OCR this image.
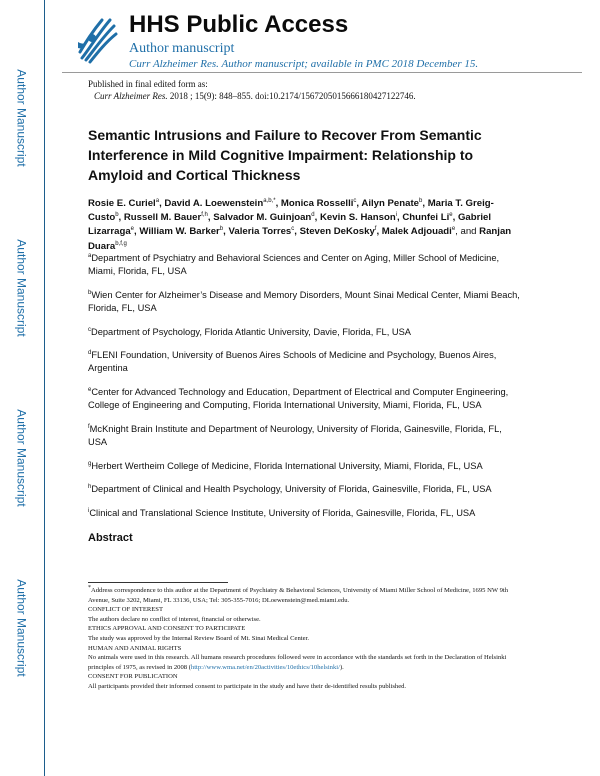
Author Manuscript
Author Manuscript
Author Manuscript
Author Manuscript
HHS Public Access
Author manuscript
Curr Alzheimer Res. Author manuscript; available in PMC 2018 December 15.
Published in final edited form as:
Curr Alzheimer Res. 2018 ; 15(9): 848–855. doi:10.2174/1567205015666180427122746.
Semantic Intrusions and Failure to Recover From Semantic Interference in Mild Cognitive Impairment: Relationship to Amyloid and Cortical Thickness
Rosie E. Curiel$^a$, David A. Loewenstein$^{a,b,*}$, Monica Rosselli$^c$, Ailyn Penate$^b$, Maria T. Greig-Custo$^b$, Russell M. Bauer$^{f,h}$, Salvador M. Guinjoan$^d$, Kevin S. Hanson$^i$, Chunfei Li$^e$, Gabriel Lizarraga$^e$, William W. Barker$^b$, Valeria Torres$^c$, Steven DeKosky$^f$, Malek Adjouadi$^e$, and Ranjan Duara$^{b,f,g}$

$^a$Department of Psychiatry and Behavioral Sciences and Center on Aging, Miller School of Medicine, Miami, Florida, FL, USA

$^b$Wien Center for Alzheimer’s Disease and Memory Disorders, Mount Sinai Medical Center, Miami Beach, Florida, FL, USA

$^c$Department of Psychology, Florida Atlantic University, Davie, Florida, FL, USA

$^d$FLENI Foundation, University of Buenos Aires Schools of Medicine and Psychology, Buenos Aires, Argentina

$^e$Center for Advanced Technology and Education, Department of Electrical and Computer Engineering, College of Engineering and Computing, Florida International University, Miami, Florida, FL, USA

$^f$McKnight Brain Institute and Department of Neurology, University of Florida, Gainesville, Florida, FL, USA

$^g$Herbert Wertheim College of Medicine, Florida International University, Miami, Florida, FL, USA

$^h$Department of Clinical and Health Psychology, University of Florida, Gainesville, Florida, FL, USA

$^i$Clinical and Translational Science Institute, University of Florida, Gainesville, Florida, FL, USA

Abstract

*Address correspondence to this author at the Department of Psychiatry & Behavioral Sciences, University of Miami Miller School of Medicine, 1695 NW 9th Avenue, Suite 3202, Miami, FL 33136, USA; Tel: 305-355-7016; DLoewenstein@med.miami.edu.

CONFLICT OF INTEREST

The authors declare no conflict of interest, financial or otherwise.

ETHICS APPROVAL AND CONSENT TO PARTICIPATE

The study was approved by the Internal Review Board of Mt. Sinai Medical Center.

HUMAN AND ANIMAL RIGHTS

No animals were used in this research. All humans research procedures followed were in accordance with the standards set forth in the Declaration of Helsinki principles of 1975, as revised in 2008 (http://www.wma.net/en/20activities/10ethics/10helsinki/).

CONSENT FOR PUBLICATION

All participants provided their informed consent to participate in the study and have their de-identified results published.
